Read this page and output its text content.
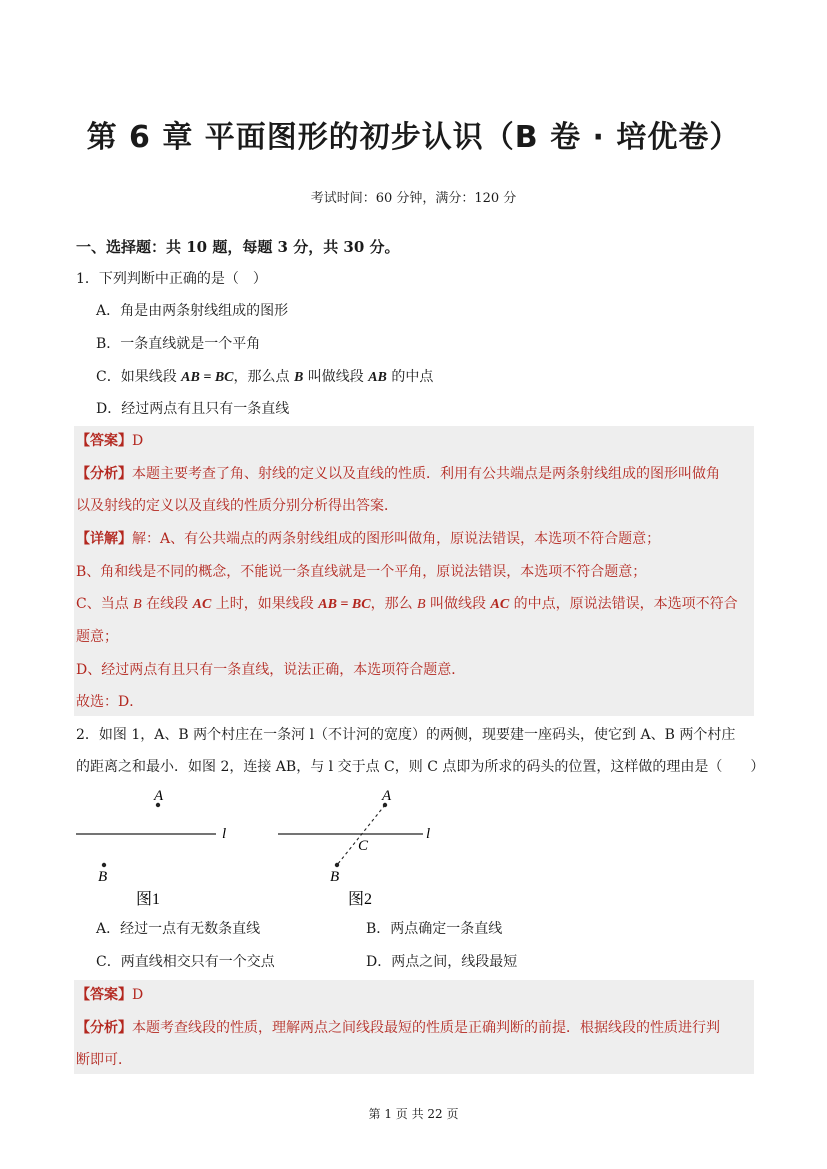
第 6 章 平面图形的初步认识（B 卷 · 培优卷）
考试时间：60 分钟，满分：120 分
一、选择题：共 10 题，每题 3 分，共 30 分。
1．下列判断中正确的是（　）
A．角是由两条射线组成的图形
B．一条直线就是一个平角
C．如果线段 AB = BC，那么点 B 叫做线段 AB 的中点
D．经过两点有且只有一条直线
【答案】D
【分析】本题主要考查了角、射线的定义以及直线的性质．利用有公共端点是两条射线组成的图形叫做角
以及射线的定义以及直线的性质分别分析得出答案．
【详解】解：A、有公共端点的两条射线组成的图形叫做角，原说法错误，本选项不符合题意；
B、角和线是不同的概念，不能说一条直线就是一个平角，原说法错误，本选项不符合题意；
C、当点 B 在线段 AC 上时，如果线段 AB = BC，那么 B 叫做线段 AC 的中点，原说法错误，本选项不符合
题意；
D、经过两点有且只有一条直线，说法正确，本选项符合题意．
故选：D．
2．如图 1，A、B 两个村庄在一条河 l（不计河的宽度）的两侧，现要建一座码头，使它到 A、B 两个村庄
的距离之和最小．如图 2，连接 AB，与 l 交于点 C，则 C 点即为所求的码头的位置，这样做的理由是（　　）
A
B
l
图1
A
B
C
l
图2
A．经过一点有无数条直线	B．两点确定一条直线
C．两直线相交只有一个交点	D．两点之间，线段最短
【答案】D
【分析】本题考查线段的性质，理解两点之间线段最短的性质是正确判断的前提．根据线段的性质进行判
断即可．
第 1 页 共 22 页
